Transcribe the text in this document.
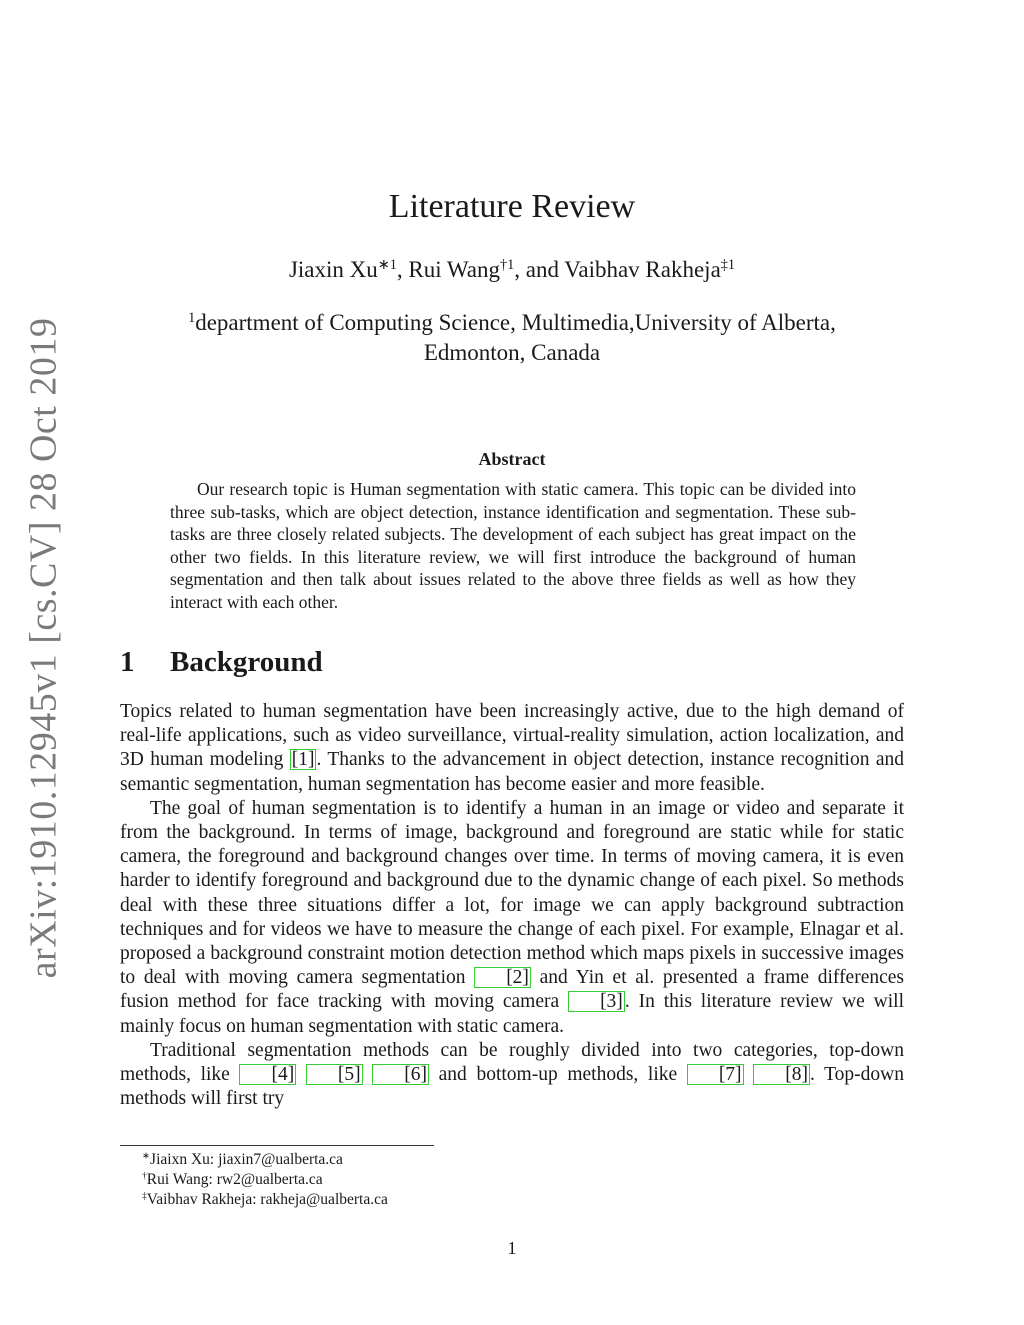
arXiv:1910.12945v1 [cs.CV] 28 Oct 2019
Literature Review
Jiaxin $Xu^{∗1}$, Rui Wang$^{\dagger 1}$, and Vaibhav Rakheja$^{\ddagger 1}$
$^1$department of Computing Science, Multimedia,University of Alberta,
Edmonton, Canada
Abstract

Our research topic is Human segmentation with static camera. This topic can be divided into three sub-tasks, which are object detection, instance identification and segmentation. These sub-tasks are three closely related subjects. The development of each subject has great impact on the other two fields. In this literature review, we will first introduce the background of human segmentation and then talk about issues related to the above three fields as well as how they interact with each other.

1 Background

Topics related to human segmentation have been increasingly active, due to the high demand of real-life applications, such as video surveillance, virtual-reality simulation, action localization, and 3D human modeling [1] . Thanks to the advancement in object detection, instance recognition and semantic segmentation, human segmentation has become easier and more feasible.

The goal of human segmentation is to identify a human in an image or video and separate it from the background. In terms of image, background and foreground are static while for static camera, the foreground and background changes over time. In terms of moving camera, it is even harder to identify foreground and background due to the dynamic change of each pixel. So methods deal with these three situations differ a lot, for image we can apply background subtraction techniques and for videos we have to measure the change of each pixel. For example, Elnagar et al. proposed a background constraint motion detection method which maps pixels in successive images to deal with moving camera segmentation [2] and Yin et al. presented a frame differences fusion method for face tracking with moving camera [3] . In this literature review we will mainly focus on human segmentation with static camera.

Traditional segmentation methods can be roughly divided into two categories, top-down methods, like [4] [5] [6] and bottom-up methods, like [7] [8] . Top-down methods will first try

∗Jiaixn Xu: jiaxin7@ualberta.ca
†Rui Wang: rw2@ualberta.ca
‡Vaibhav Rakheja: rakheja@ualberta.ca
1
